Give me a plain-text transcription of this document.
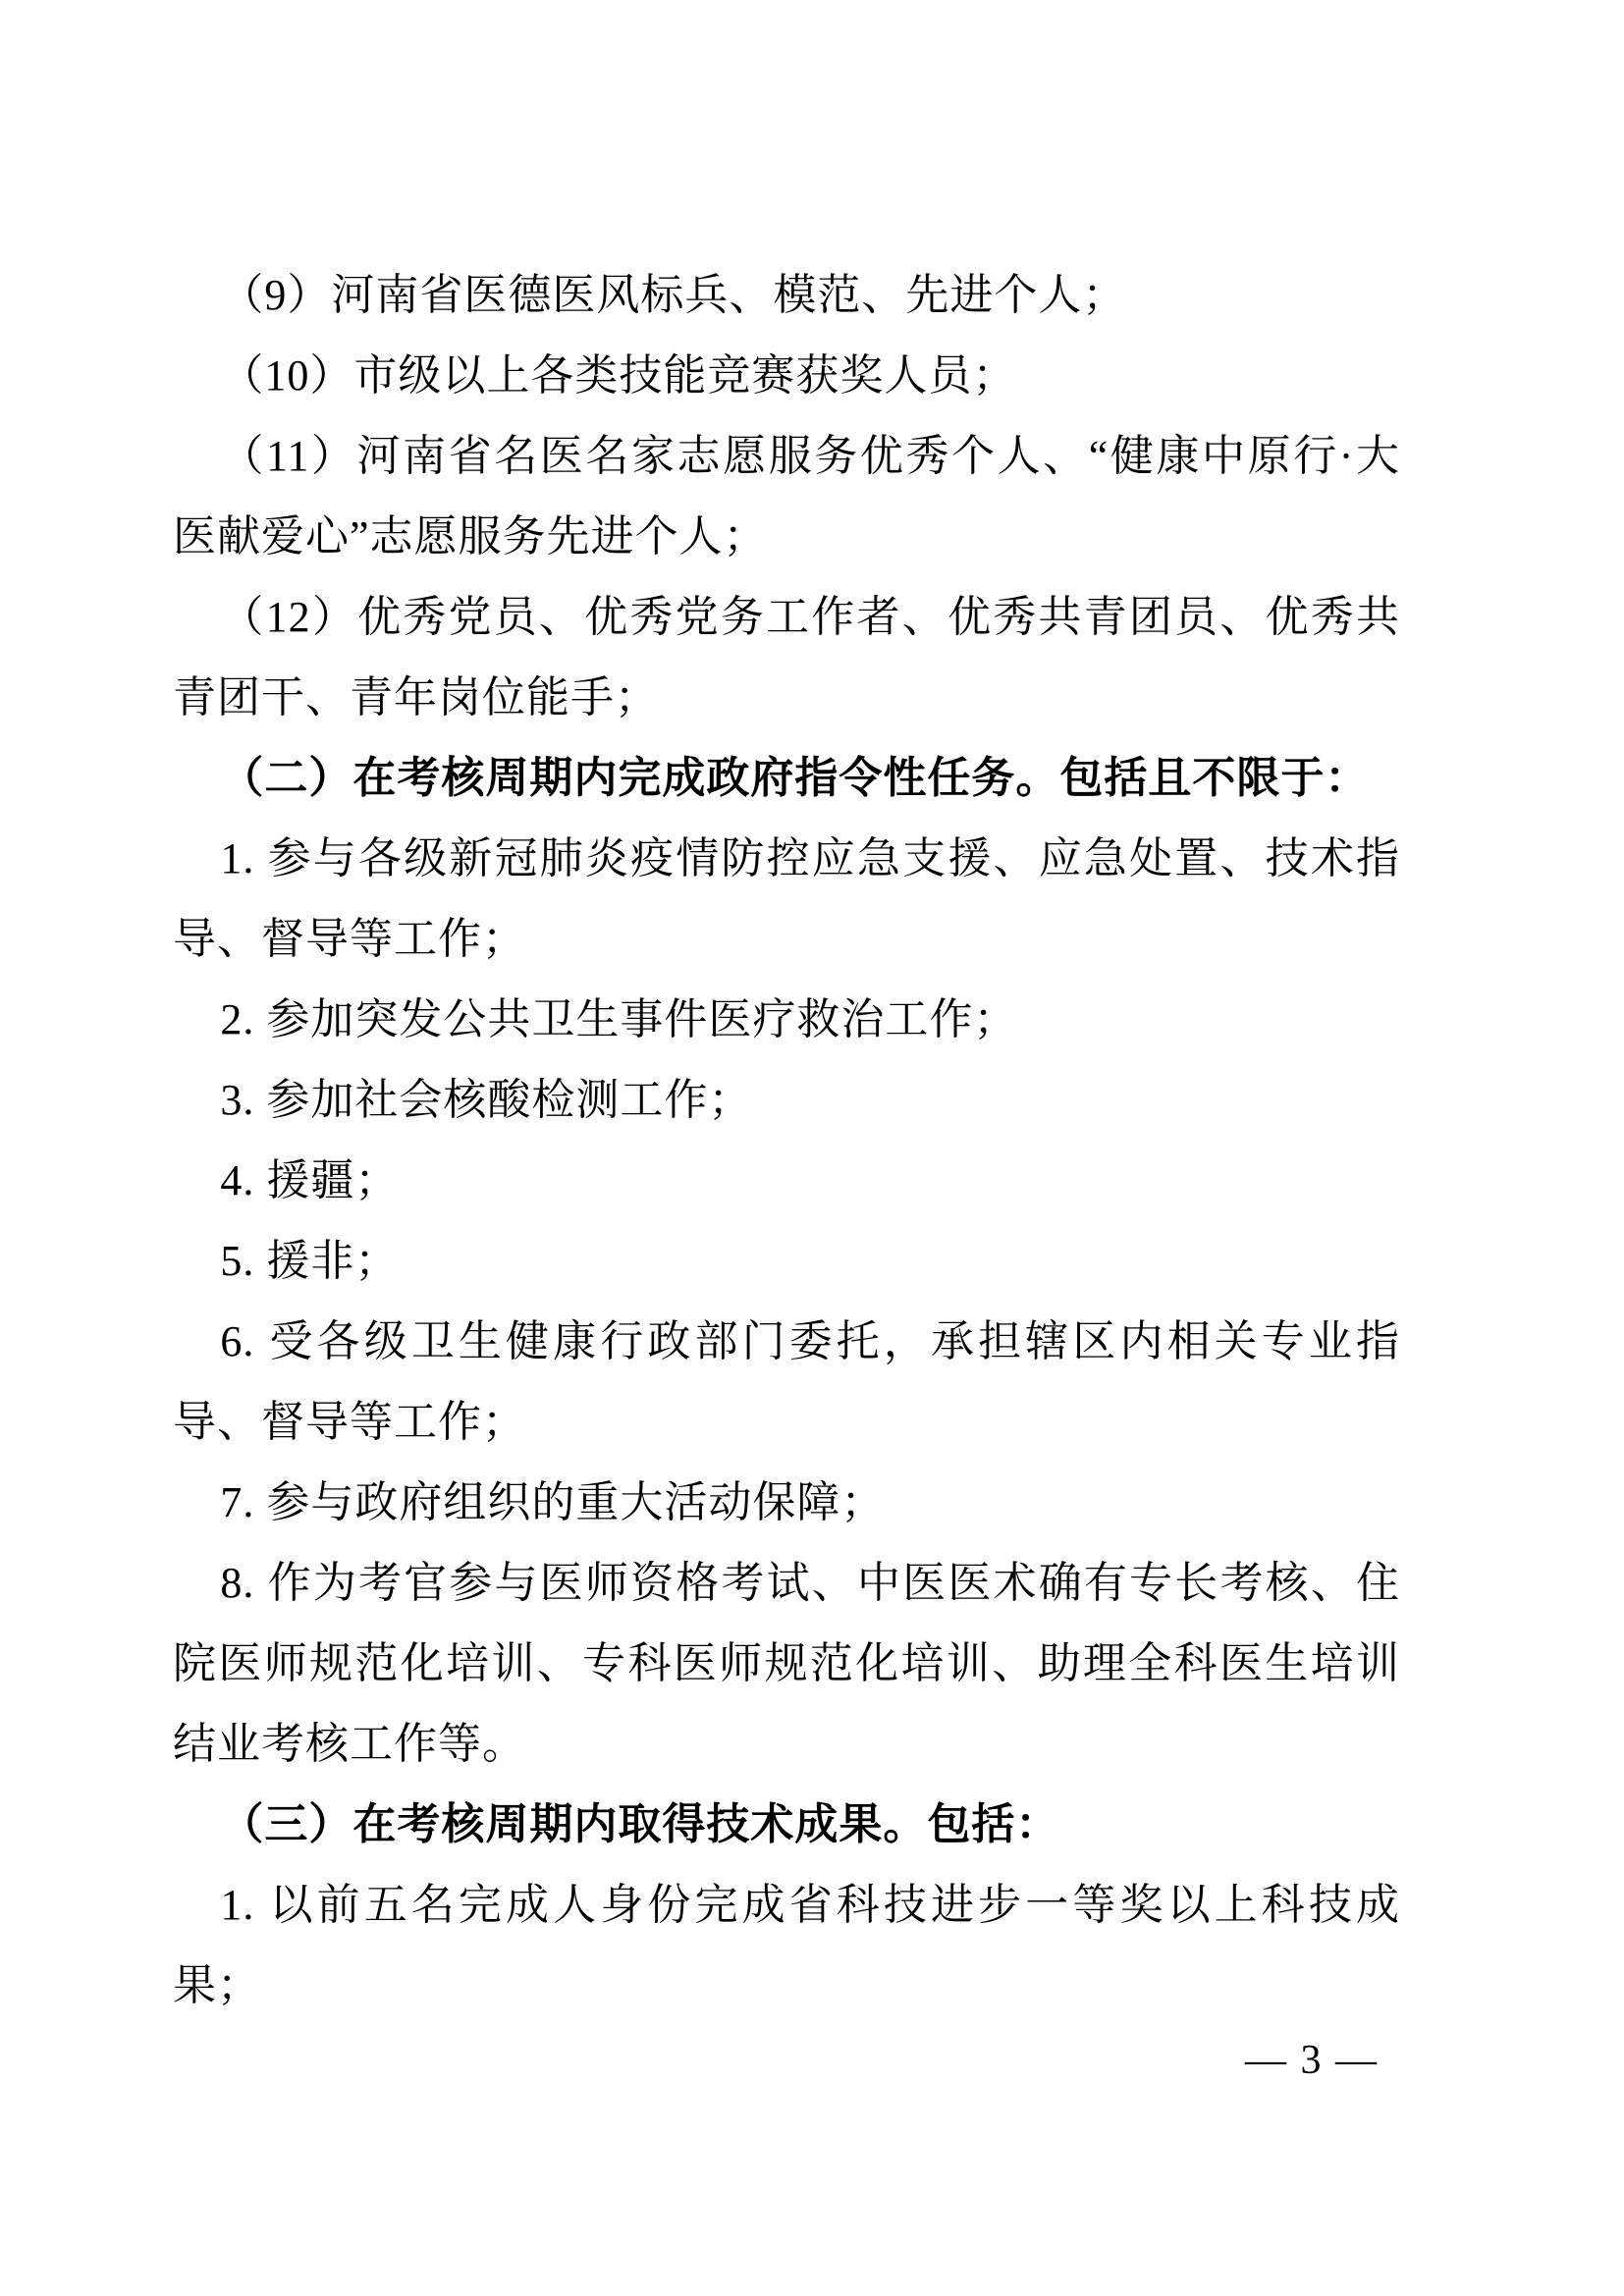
（9）河南省医德医风标兵、模范、先进个人；

（10）市级以上各类技能竞赛获奖人员；

（11）河南省名医名家志愿服务优秀个人、“健康中原行·大医献爱心”志愿服务先进个人；

（12）优秀党员、优秀党务工作者、优秀共青团员、优秀共青团干、青年岗位能手；

（二）在考核周期内完成政府指令性任务。包括且不限于：

1. 参与各级新冠肺炎疫情防控应急支援、应急处置、技术指导、督导等工作；

2. 参加突发公共卫生事件医疗救治工作；

3. 参加社会核酸检测工作；

4. 援疆；

5. 援非；

6. 受各级卫生健康行政部门委托，承担辖区内相关专业指导、督导等工作；

7. 参与政府组织的重大活动保障；

8. 作为考官参与医师资格考试、中医医术确有专长考核、住院医师规范化培训、专科医师规范化培训、助理全科医生培训结业考核工作等。

（三）在考核周期内取得技术成果。包括：

1. 以前五名完成人身份完成省科技进步一等奖以上科技成果；

— 3 —
